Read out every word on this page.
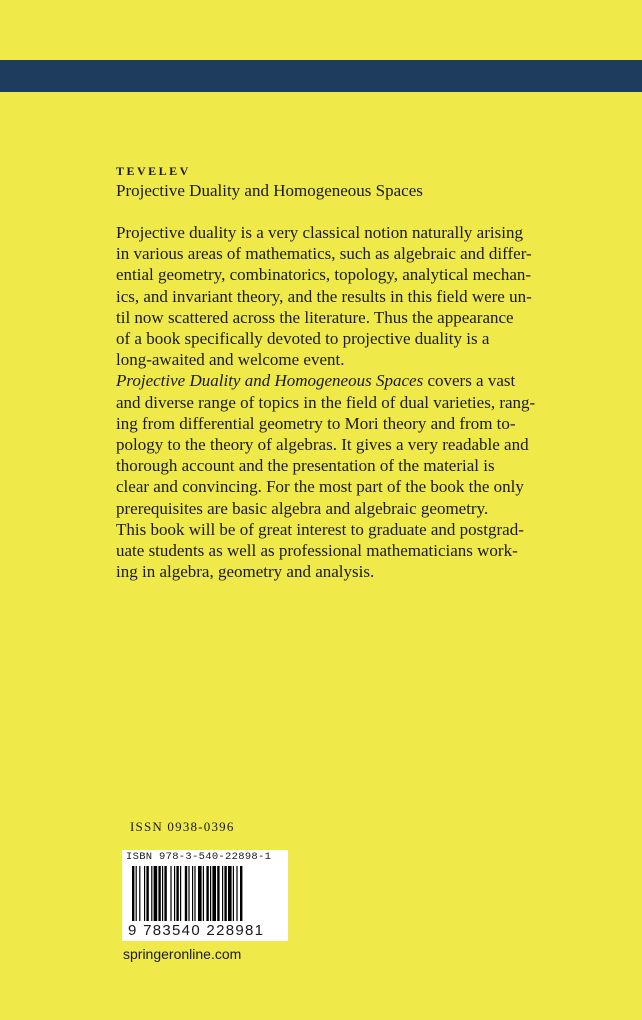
TEVELEV
Projective Duality and Homogeneous Spaces
Projective duality is a very classical notion naturally arising
in various areas of mathematics, such as algebraic and differ-
ential geometry, combinatorics, topology, analytical mechan-
ics, and invariant theory, and the results in this field were un-
til now scattered across the literature. Thus the appearance
of a book specifically devoted to projective duality is a
long-awaited and welcome event.
Projective Duality and Homogeneous Spaces covers a vast
and diverse range of topics in the field of dual varieties, rang-
ing from differential geometry to Mori theory and from to-
pology to the theory of algebras. It gives a very readable and
thorough account and the presentation of the material is
clear and convincing. For the most part of the book the only
prerequisites are basic algebra and algebraic geometry.
This book will be of great interest to graduate and postgrad-
uate students as well as professional mathematicians work-
ing in algebra, geometry and analysis.
ISSN 0938-0396
ISBN 978-3-540-22898-1
9 783540 228981
springeronline.com
